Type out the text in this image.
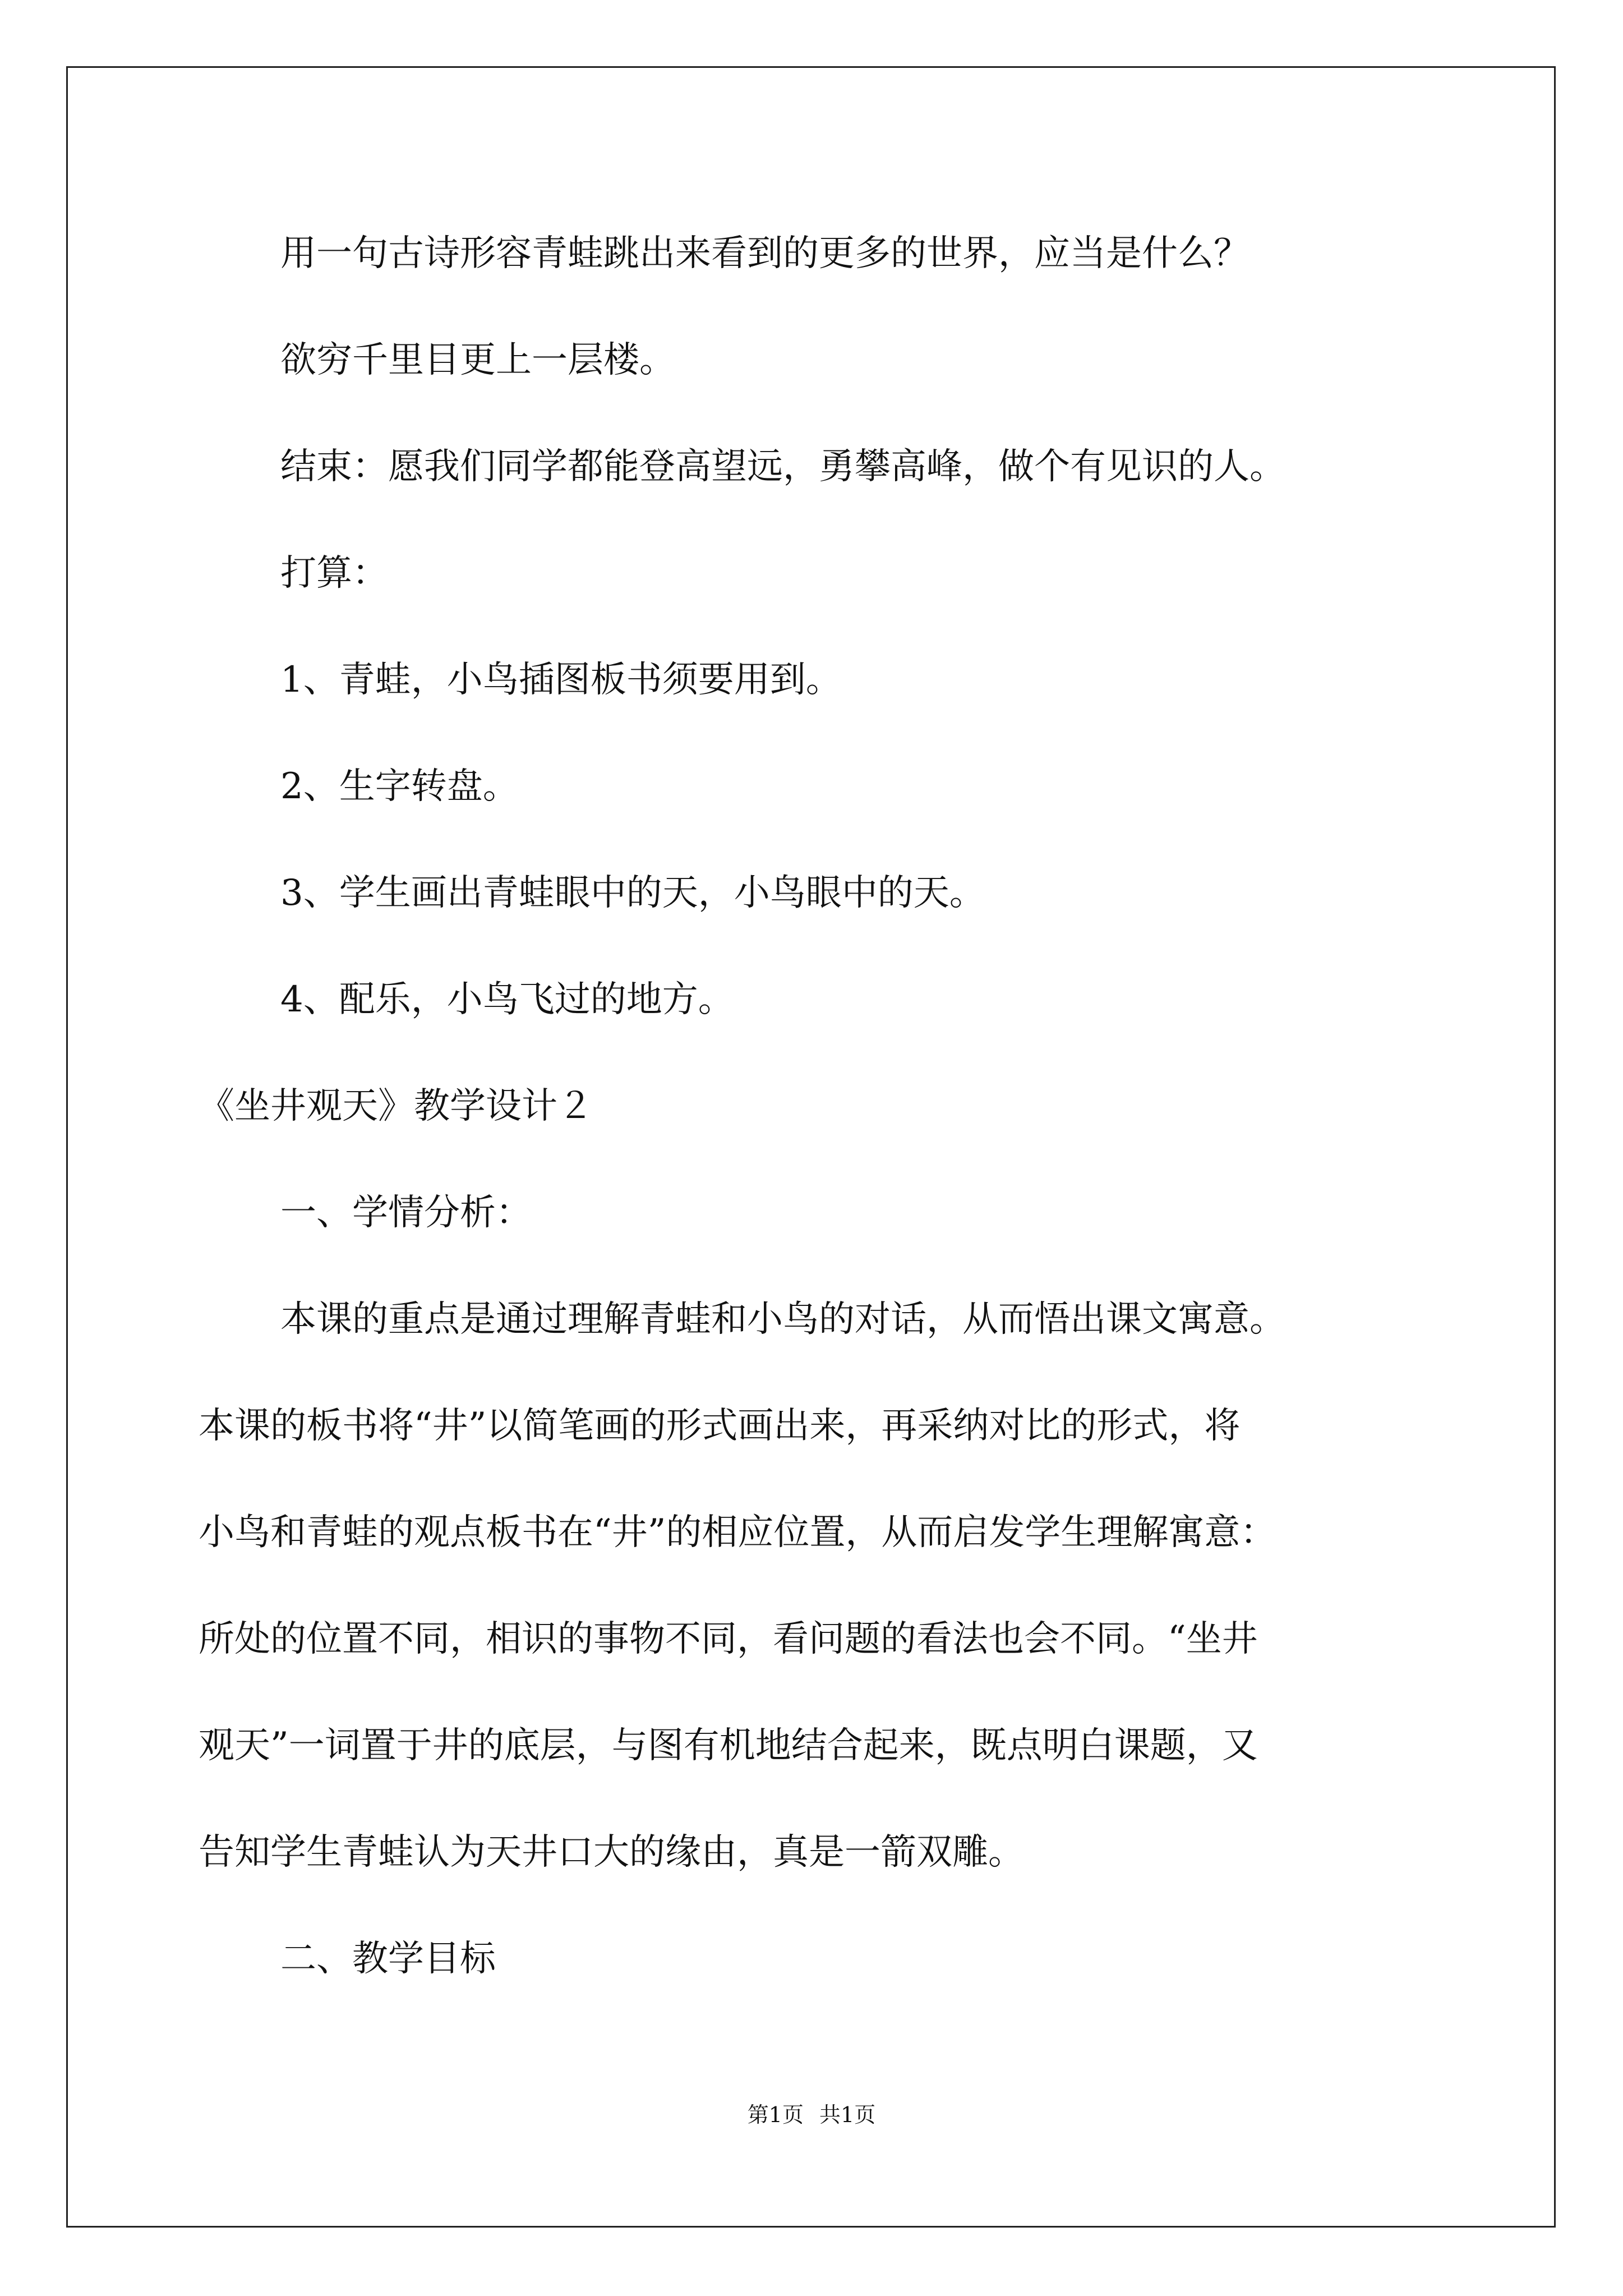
用一句古诗形容青蛙跳出来看到的更多的世界，应当是什么？

欲穷千里目更上一层楼。

结束：愿我们同学都能登高望远，勇攀高峰，做个有见识的人。

打算：

1、青蛙，小鸟插图板书须要用到。

2、生字转盘。

3、学生画出青蛙眼中的天，小鸟眼中的天。

4、配乐，小鸟飞过的地方。

《坐井观天》教学设计２

一、学情分析：

本课的重点是通过理解青蛙和小鸟的对话，从而悟出课文寓意。

本课的板书将“井”以简笔画的形式画出来，再采纳对比的形式，将

小鸟和青蛙的观点板书在“井”的相应位置，从而启发学生理解寓意：

所处的位置不同，相识的事物不同，看问题的看法也会不同。“坐井

观天”一词置于井的底层，与图有机地结合起来，既点明白课题，又

告知学生青蛙认为天井口大的缘由，真是一箭双雕。

二、教学目标

第1页 共1页
